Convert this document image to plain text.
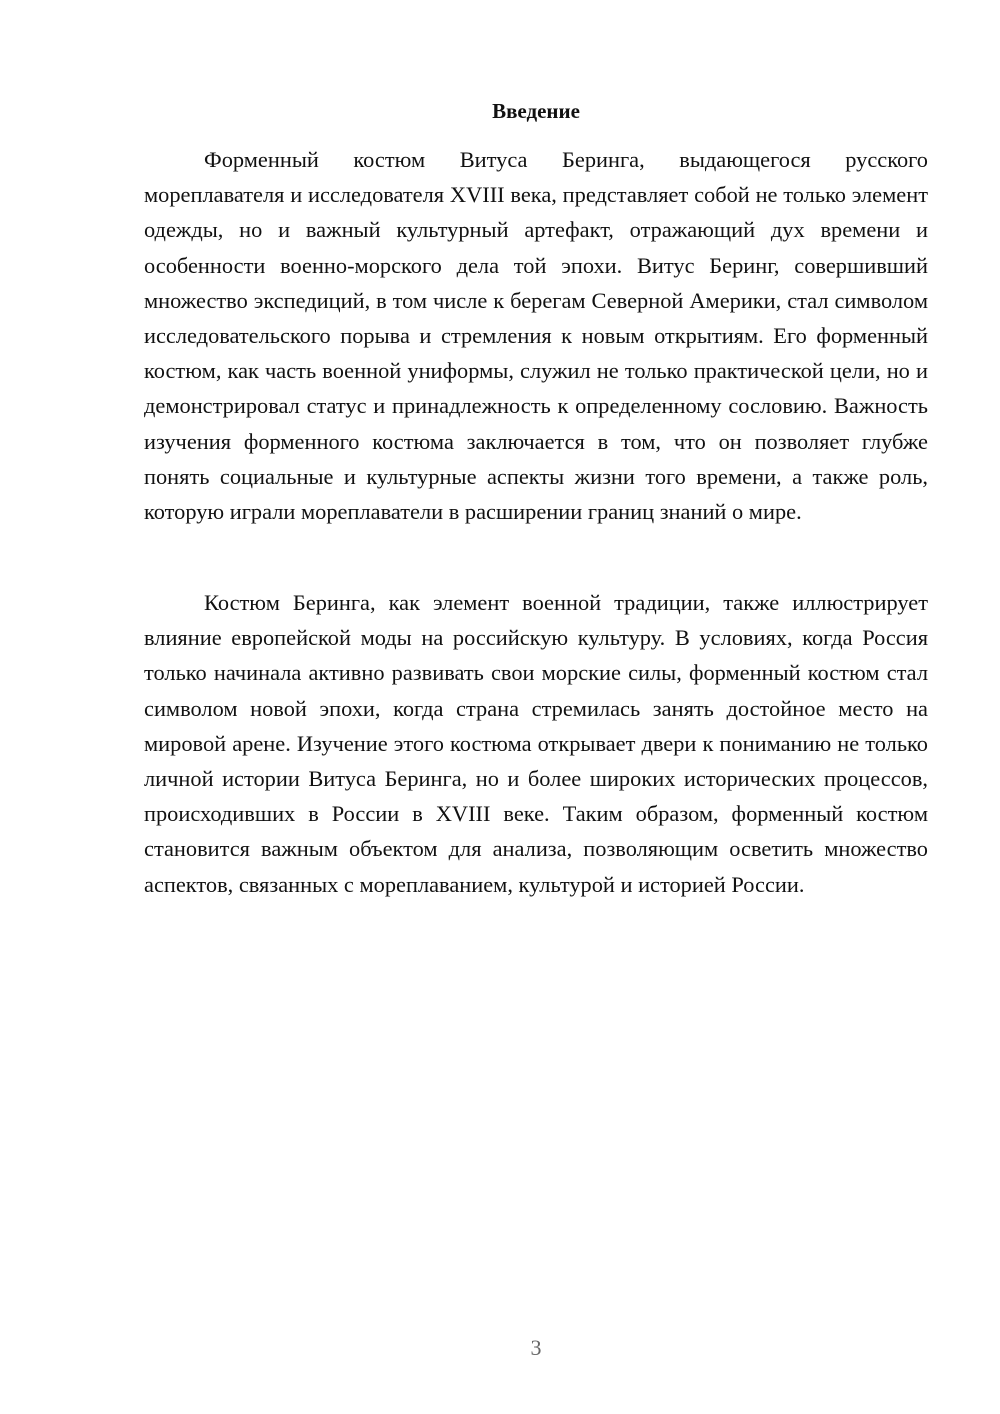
Введение

Форменный костюм Витуса Беринга, выдающегося русского мореплавателя и исследователя XVIII века, представляет собой не только элемент одежды, но и важный культурный артефакт, отражающий дух времени и особенности военно-морского дела той эпохи. Витус Беринг, совершивший множество экспедиций, в том числе к берегам Северной Америки, стал символом исследовательского порыва и стремления к новым открытиям. Его форменный костюм, как часть военной униформы, служил не только практической цели, но и демонстрировал статус и принадлежность к определенному сословию. Важность изучения форменного костюма заключается в том, что он позволяет глубже понять социальные и культурные аспекты жизни того времени, а также роль, которую играли мореплаватели в расширении границ знаний о мире.

Костюм Беринга, как элемент военной традиции, также иллюстрирует влияние европейской моды на российскую культуру. В условиях, когда Россия только начинала активно развивать свои морские силы, форменный костюм стал символом новой эпохи, когда страна стремилась занять достойное место на мировой арене. Изучение этого костюма открывает двери к пониманию не только личной истории Витуса Беринга, но и более широких исторических процессов, происходивших в России в XVIII веке. Таким образом, форменный костюм становится важным объектом для анализа, позволяющим осветить множество аспектов, связанных с мореплаванием, культурой и историей России.

3
